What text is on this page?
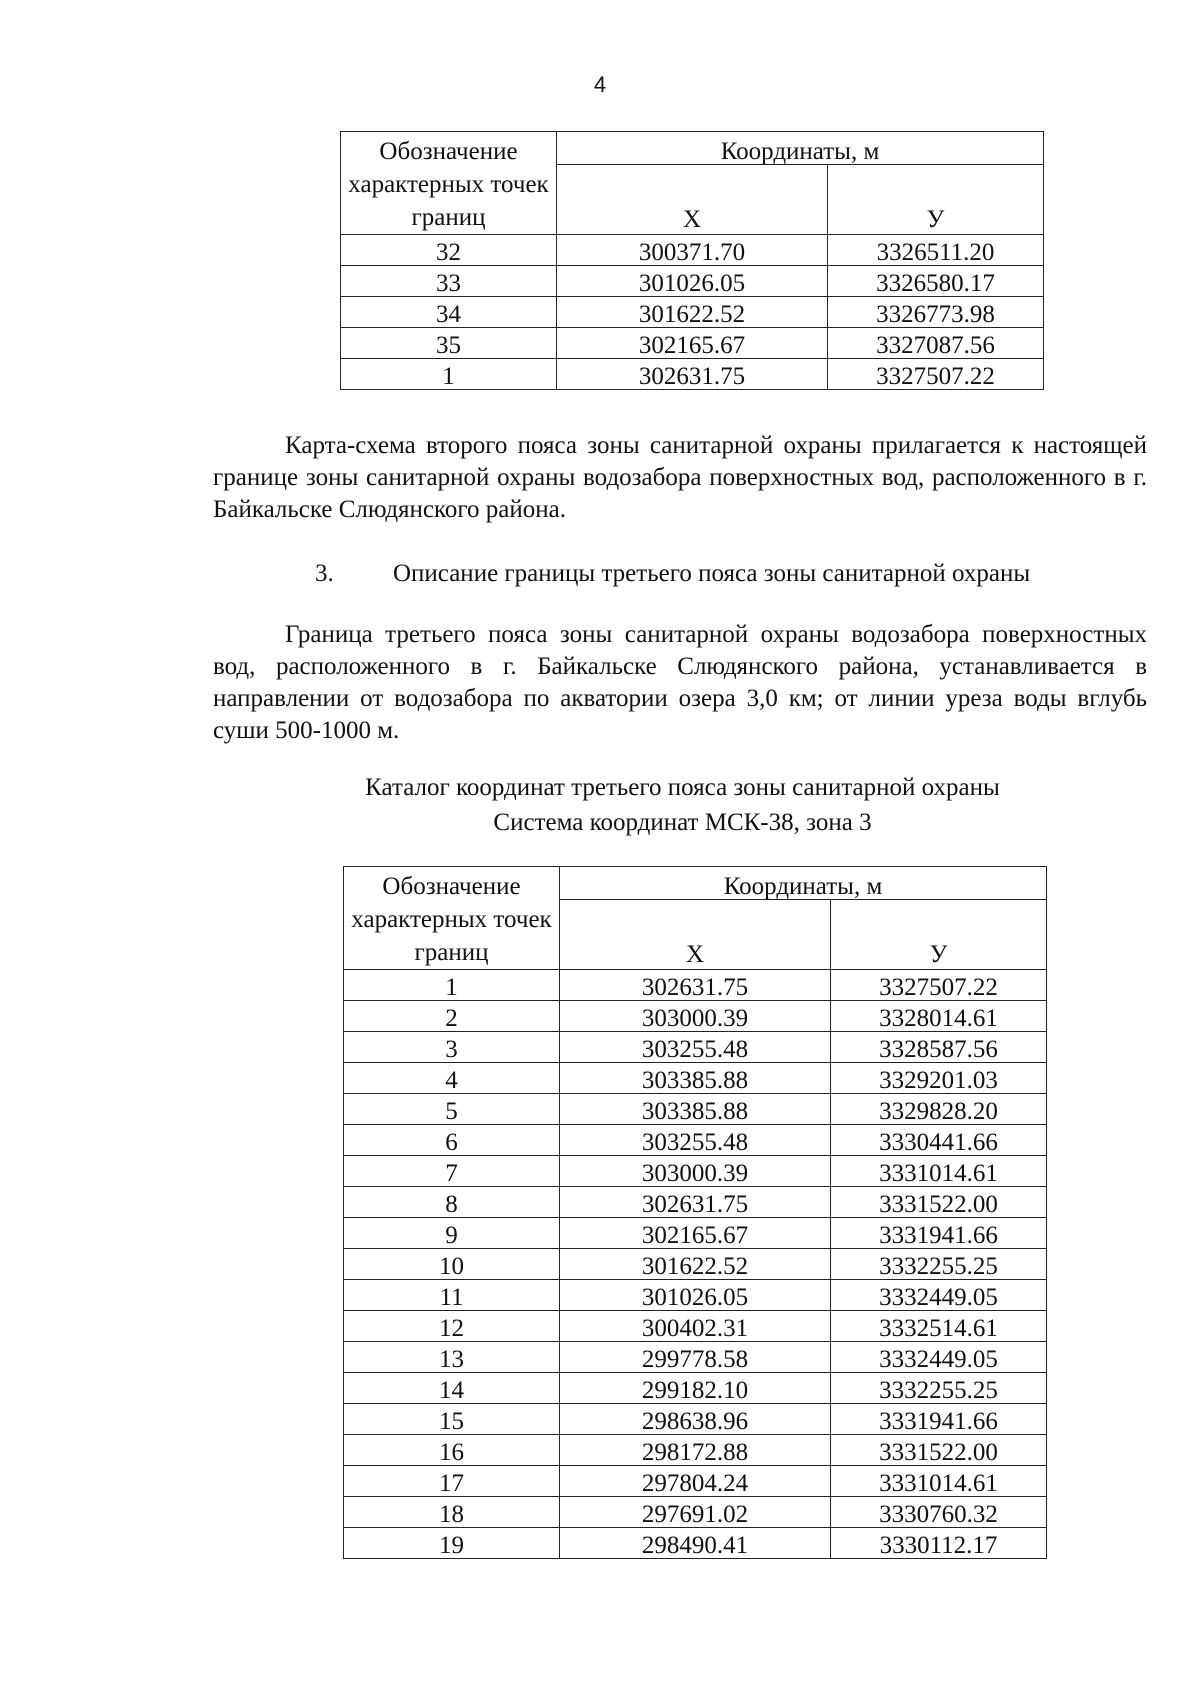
4
Обозначение характерных точек границ	Координаты, м	
	X	У
32	300371.70	3326511.20
33	301026.05	3326580.17
34	301622.52	3326773.98
35	302165.67	3327087.56
1	302631.75	3327507.22

Карта-схема второго пояса зоны санитарной охраны прилагается к настоящей границе зоны санитарной охраны водозабора поверхностных вод, расположенного в г. Байкальске Слюдянского района.

3. Описание границы третьего пояса зоны санитарной охраны

Граница третьего пояса зоны санитарной охраны водозабора поверхностных вод, расположенного в г. Байкальске Слюдянского района, устанавливается в направлении от водозабора по акватории озера 3,0 км; от линии уреза воды вглубь суши 500-1000 м.

Каталог координат третьего пояса зоны санитарной охраны
Система координат МСК-38, зона 3
Обозначение характерных точек границ	Координаты, м	
	X	У
1	302631.75	3327507.22
2	303000.39	3328014.61
3	303255.48	3328587.56
4	303385.88	3329201.03
5	303385.88	3329828.20
6	303255.48	3330441.66
7	303000.39	3331014.61
8	302631.75	3331522.00
9	302165.67	3331941.66
10	301622.52	3332255.25
11	301026.05	3332449.05
12	300402.31	3332514.61
13	299778.58	3332449.05
14	299182.10	3332255.25
15	298638.96	3331941.66
16	298172.88	3331522.00
17	297804.24	3331014.61
18	297691.02	3330760.32
19	298490.41	3330112.17
